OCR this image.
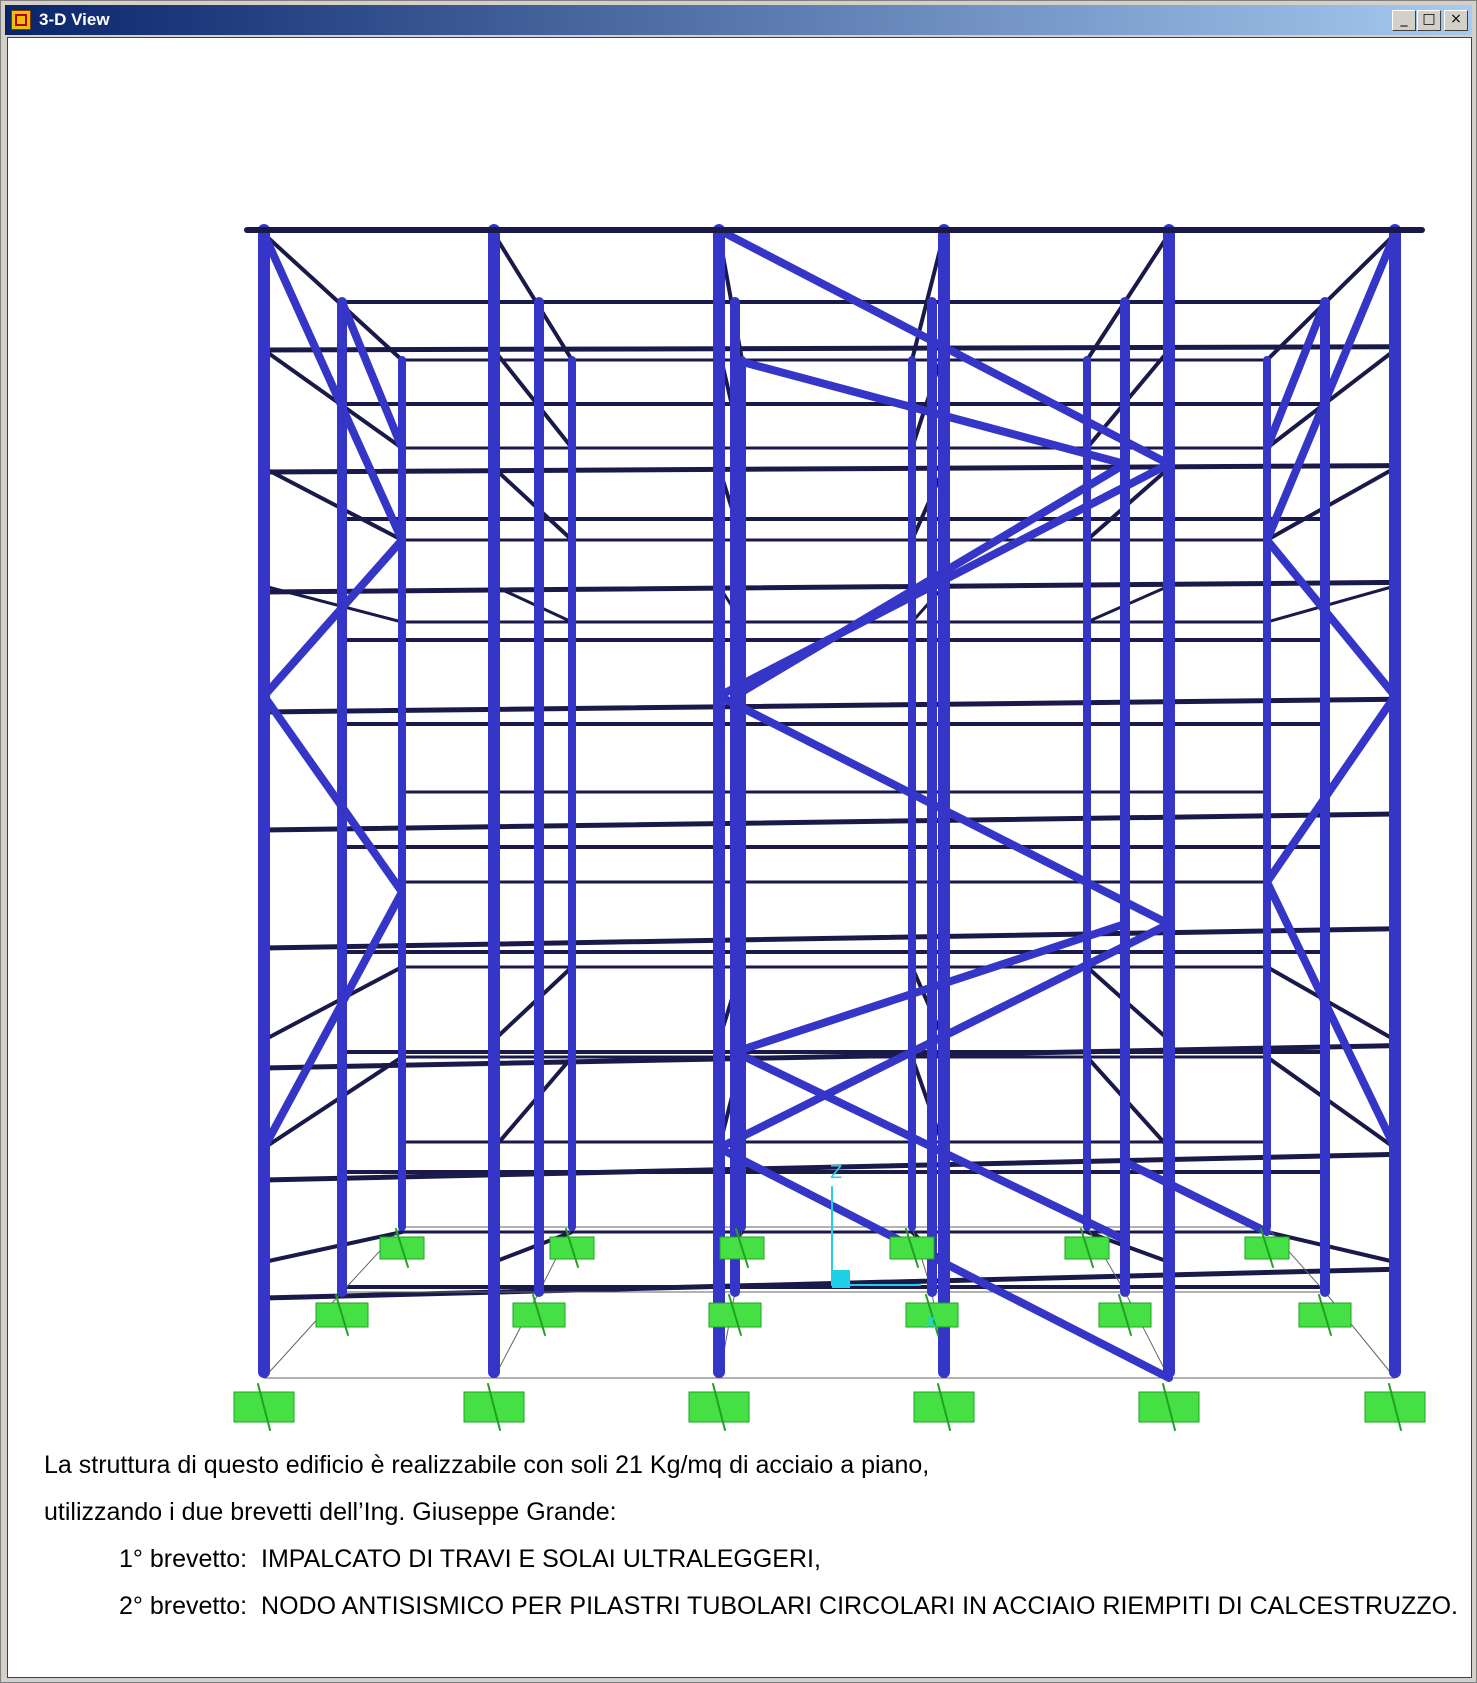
3-D View	_	□	×
Z
X
La struttura di questo edificio è realizzabile con soli 21 Kg/mq di acciaio a piano,
utilizzando i due brevetti dell’Ing. Giuseppe Grande:
1° brevetto: IMPALCATO DI TRAVI E SOLAI ULTRALEGGERI,
2° brevetto: NODO ANTISISMICO PER PILASTRI TUBOLARI CIRCOLARI IN ACCIAIO RIEMPITI DI CALCESTRUZZO.
